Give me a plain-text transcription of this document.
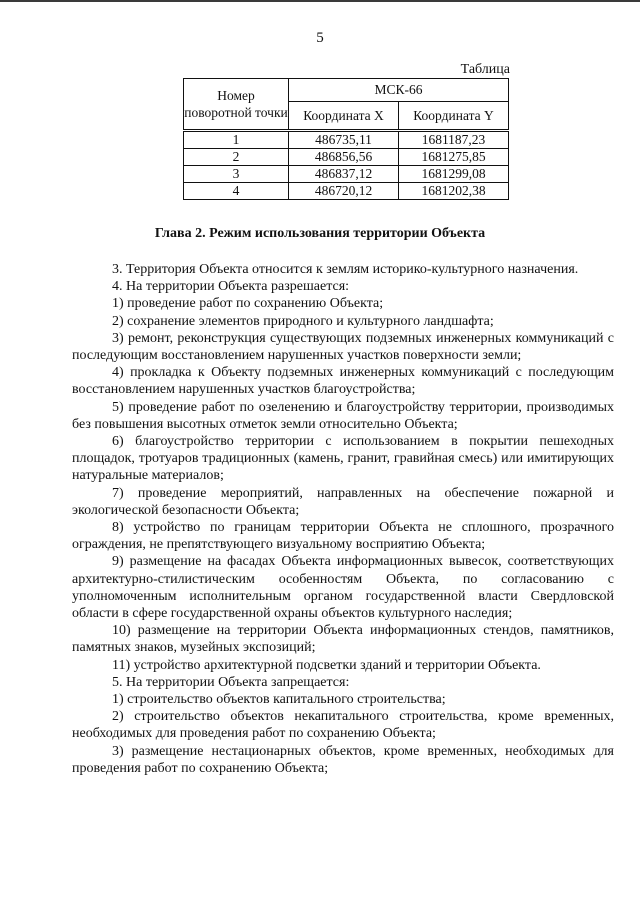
5
Таблица
Номер поворотной точки	МСК-66	
	Координата X	Координата Y
1	486735,11	1681187,23
2	486856,56	1681275,85
3	486837,12	1681299,08
4	486720,12	1681202,38
Глава 2. Режим использования территории Объекта

3. Территория Объекта относится к землям историко-культурного назначения.

4. На территории Объекта разрешается:

1) проведение работ по сохранению Объекта;

2) сохранение элементов природного и культурного ландшафта;

3) ремонт, реконструкция существующих подземных инженерных коммуникаций с последующим восстановлением нарушенных участков поверхности земли;

4) прокладка к Объекту подземных инженерных коммуникаций с последующим восстановлением нарушенных участков благоустройства;

5) проведение работ по озеленению и благоустройству территории, производимых без повышения высотных отметок земли относительно Объекта;

6) благоустройство территории с использованием в покрытии пешеходных площадок, тротуаров традиционных (камень, гранит, гравийная смесь) или имитирующих натуральные материалов;

7) проведение мероприятий, направленных на обеспечение пожарной и экологической безопасности Объекта;

8) устройство по границам территории Объекта не сплошного, прозрачного ограждения, не препятствующего визуальному восприятию Объекта;

9) размещение на фасадах Объекта информационных вывесок, соответствующих архитектурно-стилистическим особенностям Объекта, по согласованию с уполномоченным исполнительным органом государственной власти Свердловской области в сфере государственной охраны объектов культурного наследия;

10) размещение на территории Объекта информационных стендов, памятников, памятных знаков, музейных экспозиций;

11) устройство архитектурной подсветки зданий и территории Объекта.

5. На территории Объекта запрещается:

1) строительство объектов капитального строительства;

2) строительство объектов некапитального строительства, кроме временных, необходимых для проведения работ по сохранению Объекта;

3) размещение нестационарных объектов, кроме временных, необходимых для проведения работ по сохранению Объекта;
